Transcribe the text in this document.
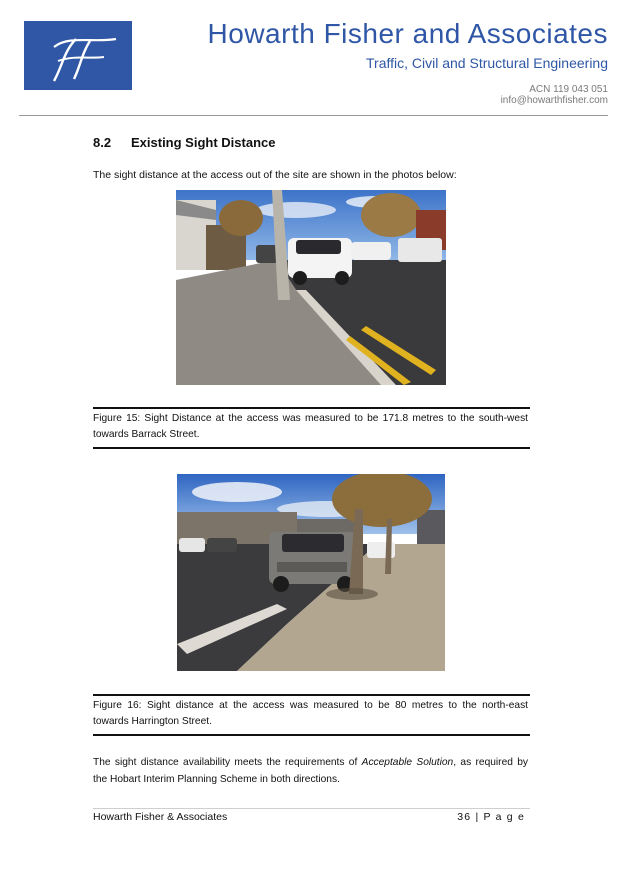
Howarth Fisher and Associates
Traffic, Civil and Structural Engineering
ACN 119 043 051
info@howarthfisher.com
8.2 Existing Sight Distance
The sight distance at the access out of the site are shown in the photos below:
Figure 15: Sight Distance at the access was measured to be 171.8 metres to the south-west
towards Barrack Street.
Figure 16: Sight distance at the access was measured to be 80 metres to the north-east
towards Harrington Street.
The sight distance availability meets the requirements of Acceptable Solution, as required by
the Hobart Interim Planning Scheme in both directions.
Howarth Fisher & Associates	36 | P a g e
